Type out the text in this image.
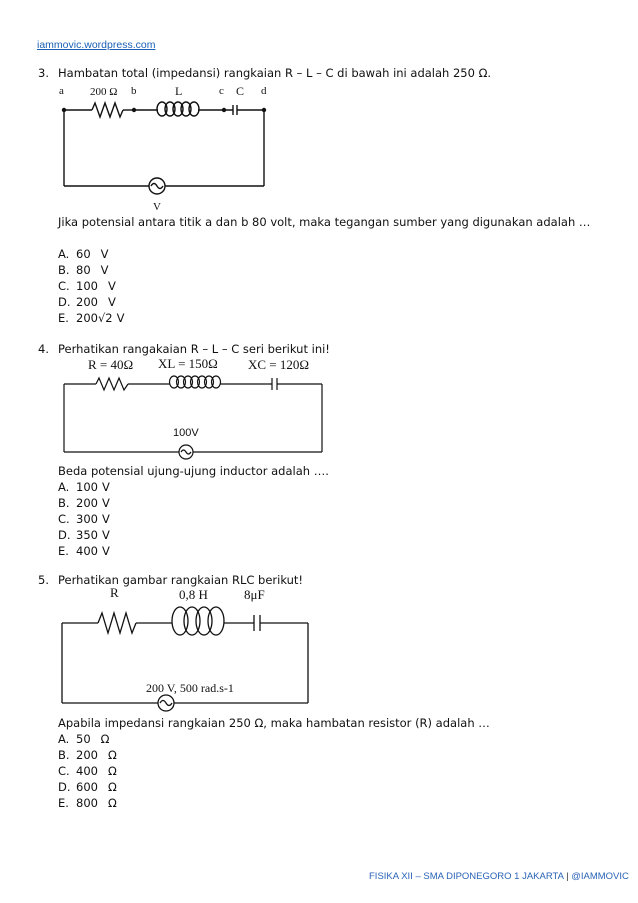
iammovic.wordpress.com
3. Hambatan total (impedansi) rangkaian R – L – C di bawah ini adalah 250 Ω.
a 200 Ω b	L	c C d
V
Jika potensial antara titik a dan b 80 volt, maka tegangan sumber yang digunakan adalah …
A. 60 V
B. 80 V
C. 100 V
D. 200 V
E. 200√2 V
4. Perhatikan rangakaian R – L – C seri berikut ini!
R = 40Ω XL = 150Ω XC = 120Ω
100V
Beda potensial ujung-ujung inductor adalah ….
A. 100 V
B. 200 V
C. 300 V
D. 350 V
E. 400 V
5. Perhatikan gambar rangkaian RLC berikut!
R	0,8 H	8μF
200 V, 500 rad.s-1
Apabila impedansi rangkaian 250 Ω, maka hambatan resistor (R) adalah …
A. 50 Ω
B. 200 Ω
C. 400 Ω
D. 600 Ω
E. 800 Ω
FISIKA XII – SMA DIPONEGORO 1 JAKARTA | @IAMMOVIC
